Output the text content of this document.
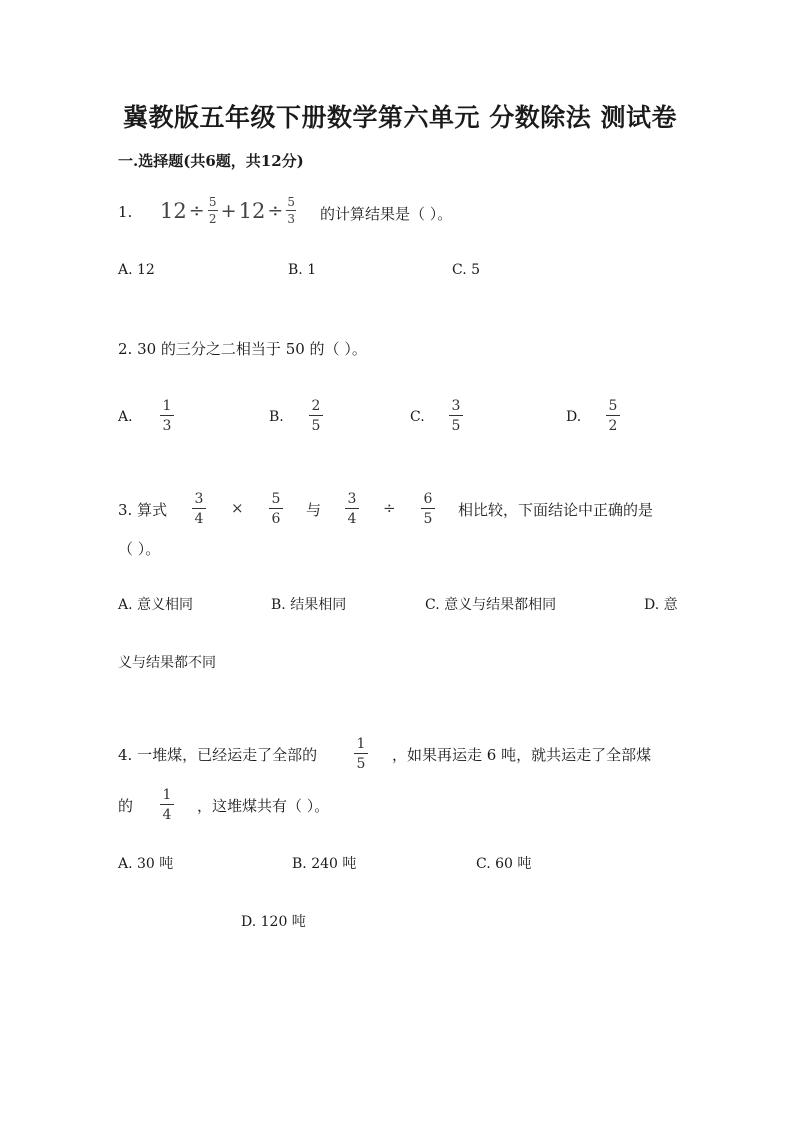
冀教版五年级下册数学第六单元 分数除法 测试卷
一.选择题(共6题，共12分)
1. 12 ÷ 5
2 + 12 ÷ 5
3 的计算结果是（ ）。
A. 12	B. 1	C. 5
2. 30 的三分之二相当于 50 的（ ）。
A.
1
3
B.
2
5
C.
3
5
D.
5
2
3. 算式
3
4
× 5
6 与
3
4
÷ 6
5 相比较，下面结论中正确的是
（ ）。
A. 意义相同	B. 结果相同	C. 意义与结果都相同	D. 意
义与结果都不同
4. 一堆煤，已经运走了全部的
1
5 ，如果再运走 6 吨，就共运走了全部煤
的
1
4 ，这堆煤共有（ ）。
A. 30 吨	B. 240 吨	C. 60 吨
D. 120 吨
